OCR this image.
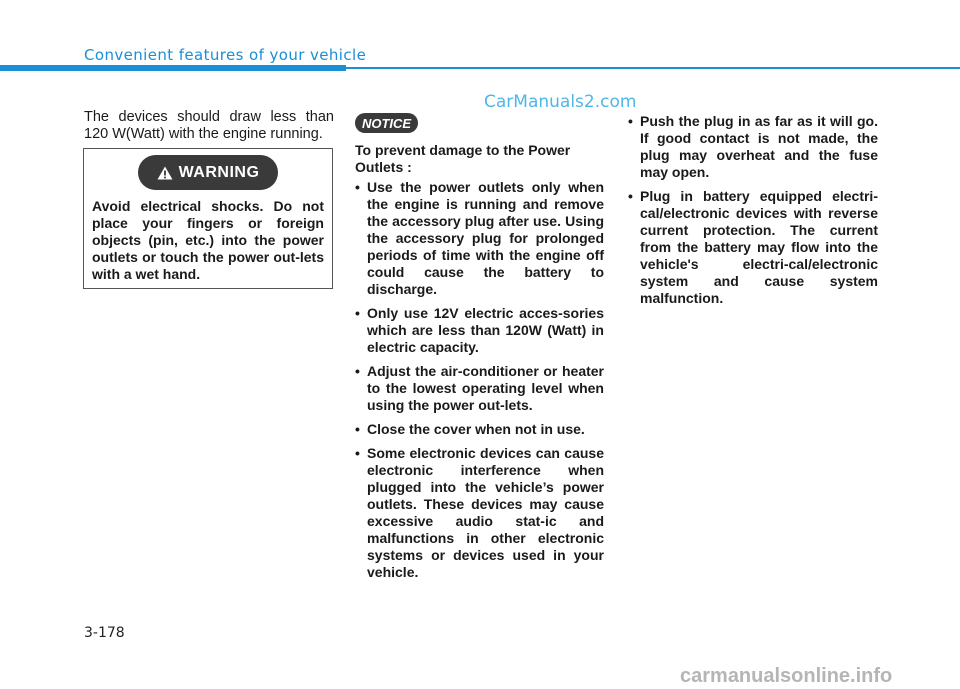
Convenient features of your vehicle
CarManuals2.com
The devices should draw less than 120 W(Watt) with the engine running.
WARNING
Avoid electrical shocks. Do not place your fingers or foreign objects (pin, etc.) into the power outlets or touch the power out-lets with a wet hand.
NOTICE
To prevent damage to the Power Outlets :
• Use the power outlets only when the engine is running and remove the accessory plug after use. Using the accessory plug for prolonged periods of time with the engine off could cause the battery to discharge.
• Only use 12V electric acces-sories which are less than 120W (Watt) in electric capacity.
• Adjust the air-conditioner or heater to the lowest operating level when using the power out-lets.
• Close the cover when not in use.
• Some electronic devices can cause electronic interference when plugged into the vehicle’s power outlets. These devices may cause excessive audio stat-ic and malfunctions in other electronic systems or devices used in your vehicle.
• Push the plug in as far as it will go. If good contact is not made, the plug may overheat and the fuse may open.
• Plug in battery equipped electri-cal/electronic devices with reverse current protection. The current from the battery may flow into the vehicle's electri-cal/electronic system and cause system malfunction.
3-178
carmanualsonline.info
